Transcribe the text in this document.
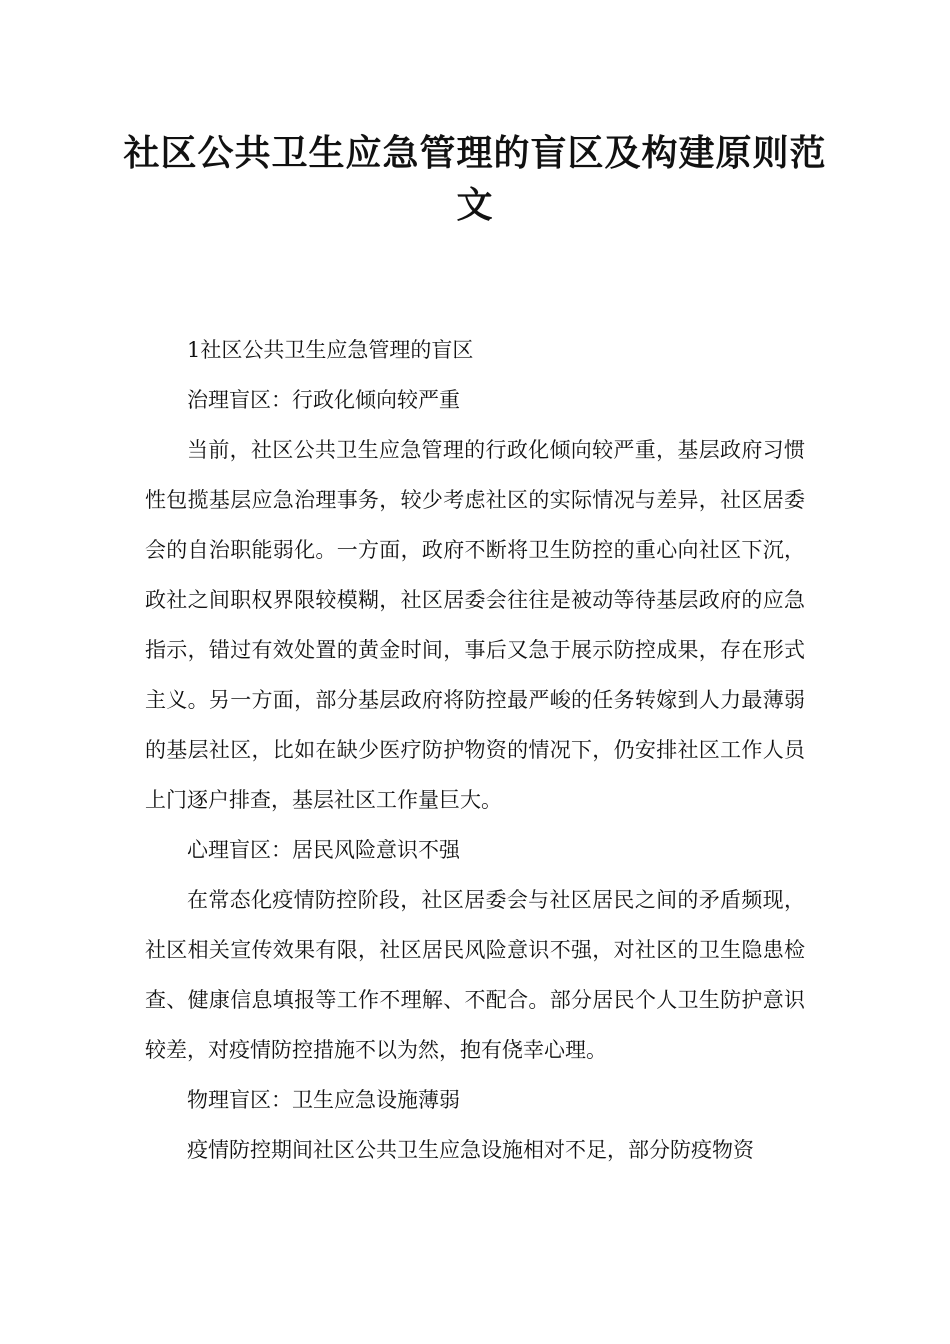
社区公共卫生应急管理的盲区及构建原则范文

1社区公共卫生应急管理的盲区

治理盲区：行政化倾向较严重

当前，社区公共卫生应急管理的行政化倾向较严重，基层政府习惯性包揽基层应急治理事务，较少考虑社区的实际情况与差异，社区居委会的自治职能弱化。一方面，政府不断将卫生防控的重心向社区下沉，政社之间职权界限较模糊，社区居委会往往是被动等待基层政府的应急指示，错过有效处置的黄金时间，事后又急于展示防控成果，存在形式主义。另一方面，部分基层政府将防控最严峻的任务转嫁到人力最薄弱的基层社区，比如在缺少医疗防护物资的情况下，仍安排社区工作人员上门逐户排查，基层社区工作量巨大。

心理盲区：居民风险意识不强

在常态化疫情防控阶段，社区居委会与社区居民之间的矛盾频现，社区相关宣传效果有限，社区居民风险意识不强，对社区的卫生隐患检查、健康信息填报等工作不理解、不配合。部分居民个人卫生防护意识较差，对疫情防控措施不以为然，抱有侥幸心理。

物理盲区：卫生应急设施薄弱

疫情防控期间社区公共卫生应急设施相对不足，部分防疫物资
